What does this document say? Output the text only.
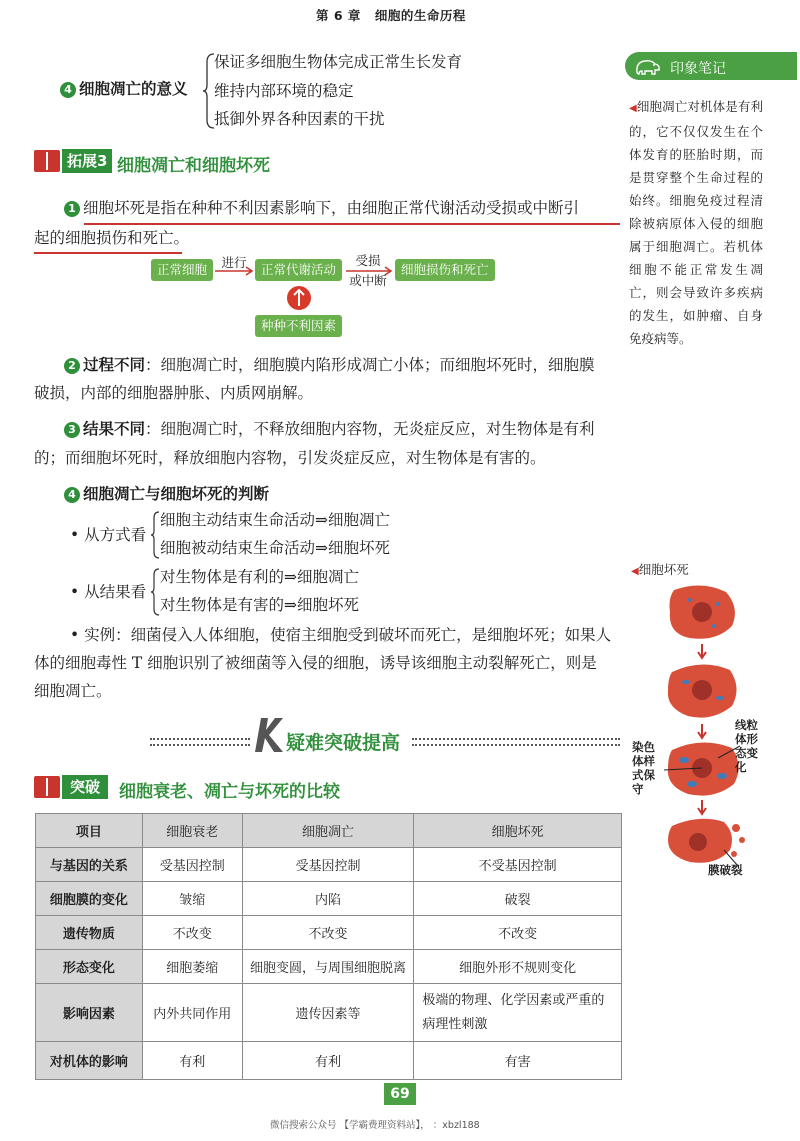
第 6 章 细胞的生命历程
4 细胞凋亡的意义
保证多细胞生物体完成正常生长发育
维持内部环境的稳定
抵御外界各种因素的干扰
拓展3 细胞凋亡和细胞坏死
1 细胞坏死是指在种种不利因素影响下，由细胞正常代谢活动受损或中断引
起的细胞损伤和死亡。
正常细胞	进行	正常代谢活动
受损
或中断
细胞损伤和死亡
种种不利因素
2 过程不同：细胞凋亡时，细胞膜内陷形成凋亡小体；而细胞坏死时，细胞膜
破损，内部的细胞器肿胀、内质网崩解。
3 结果不同：细胞凋亡时，不释放细胞内容物，无炎症反应，对生物体是有利
的；而细胞坏死时，释放细胞内容物，引发炎症反应，对生物体是有害的。
4 细胞凋亡与细胞坏死的判断
• 从方式看
细胞主动结束生命活动⇒细胞凋亡
细胞被动结束生命活动⇒细胞坏死
• 从结果看
对生物体是有利的⇒细胞凋亡
对生物体是有害的⇒细胞坏死
• 实例：细菌侵入人体细胞，使宿主细胞受到破坏而死亡，是细胞坏死；如果人
体的细胞毒性 T 细胞识别了被细菌等入侵的细胞，诱导该细胞主动裂解死亡，则是
细胞凋亡。
疑难突破提高
突破	细胞衰老、凋亡与坏死的比较
项目	细胞衰老	细胞凋亡	细胞坏死
与基因的关系	受基因控制	受基因控制	不受基因控制
细胞膜的变化	皱缩	内陷	破裂
遗传物质	不改变	不改变	不改变
形态变化	细胞萎缩	细胞变圆，与周围细胞脱离	细胞外形不规则变化
影响因素	内外共同作用	遗传因素等	极端的物理、化学因素或严重的病理性刺激
对机体的影响	有利	有利	有害
印象笔记
◀细胞凋亡对机体是有利的，它不仅仅发生在个体发育的胚胎时期，而是贯穿整个生命过程的始终。细胞免疫过程清除被病原体入侵的细胞属于细胞凋亡。若机体细胞不能正常发生凋亡，则会导致许多疾病的发生，如肿瘤、自身免疫病等。
◀细胞坏死
线粒体形态变化
染色体样式保守
膜破裂
69
微信搜索公众号 【学霸费理资料站】， ：xbzl188
